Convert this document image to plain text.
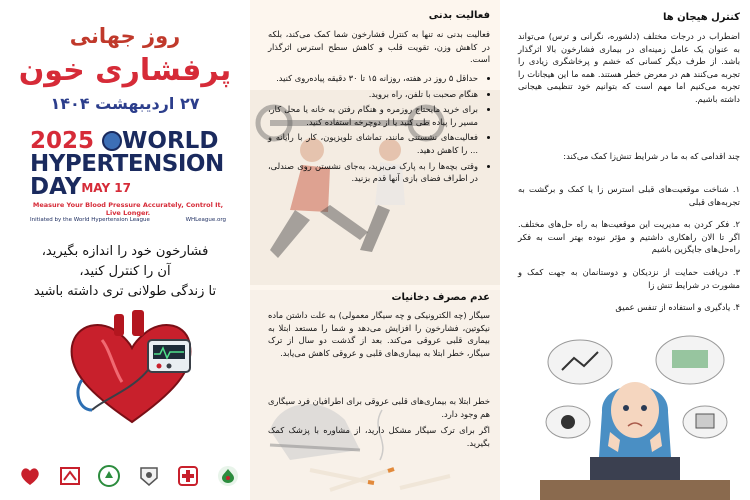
روز جهانی
پرفشاری خون
۲۷ اردیبهشت ۱۴۰۴
2025 WORLD
HYPERTENSION
DAYMAY 17
Measure Your Blood Pressure Accurately, Control It, Live Longer.
Initiated by the World Hypertension League	WHLeague.org
فشارخون خود را اندازه بگیرید،
آن را کنترل کنید،
تا زندگی طولانی تری داشته باشید
فعالیت بدنی
فعالیت بدنی نه تنها به کنترل فشارخون شما کمک می‌کند، بلکه در کاهش وزن، تقویت قلب و کاهش سطح استرس اثرگذار است.
• حداقل ۵ روز در هفته، روزانه ۱۵ تا ۳۰ دقیقه پیاده‌روی کنید.
• هنگام صحبت با تلفن، راه بروید.
• برای خرید مایحتاج روزمره و هنگام رفتن به خانه یا محل کار، مسیر را پیاده طی کنید یا از دوچرخه استفاده کنید.
• فعالیت‌های نشستنی مانند، تماشای تلویزیون، کار با رایانه و ... را کاهش دهید.
• وقتی بچه‌ها را به پارک می‌برید، به‌جای نشستن روی صندلی، در اطراف فضای بازی آنها قدم بزنید.
عدم مصرف دخانیات
سیگار (چه الکترونیکی و چه سیگار معمولی) به علت داشتن ماده نیکوتین، فشارخون را افزایش می‌دهد و شما را مستعد ابتلا به بیماری قلبی عروقی می‌کند. بعد از گذشت دو سال از ترک سیگار، خطر ابتلا به بیماری‌های قلبی و عروقی کاهش می‌یابد.
خطر ابتلا به بیماری‌های قلبی عروقی برای اطرافیان فرد سیگاری هم وجود دارد.
اگر برای ترک سیگار مشکل دارید، از مشاوره با پزشک کمک بگیرید.
کنترل هیجان ها
اضطراب در درجات مختلف (دلشوره، نگرانی و ترس) می‌تواند به عنوان یک عامل زمینه‌ای در بیماری فشارخون بالا اثرگذار باشد. از طرف دیگر کسانی که خشم و پرخاشگری زیادی را تجربه می‌کنند هم در معرض خطر هستند. همه ما این هیجانات را تجربه می‌کنیم اما مهم است که بتوانیم خود تنظیمی هیجانی داشته باشیم.
چند اقدامی که به ما در شرایط تنش‌زا کمک می‌کند:
۱. شناخت موقعیت‌های قبلی استرس زا یا کمک و برگشت به تجربه‌های قبلی
۲. فکر کردن به مدیریت این موقعیت‌ها به راه حل‌های مختلف. اگر تا الان راهکاری داشتیم و مؤثر نبوده بهتر است به فکر راه‌حل‌های جایگزین باشیم
۳. دریافت حمایت از نزدیکان و دوستانمان به جهت کمک و مشورت در شرایط تنش زا
۴. یادگیری و استفاده از تنفس عمیق
